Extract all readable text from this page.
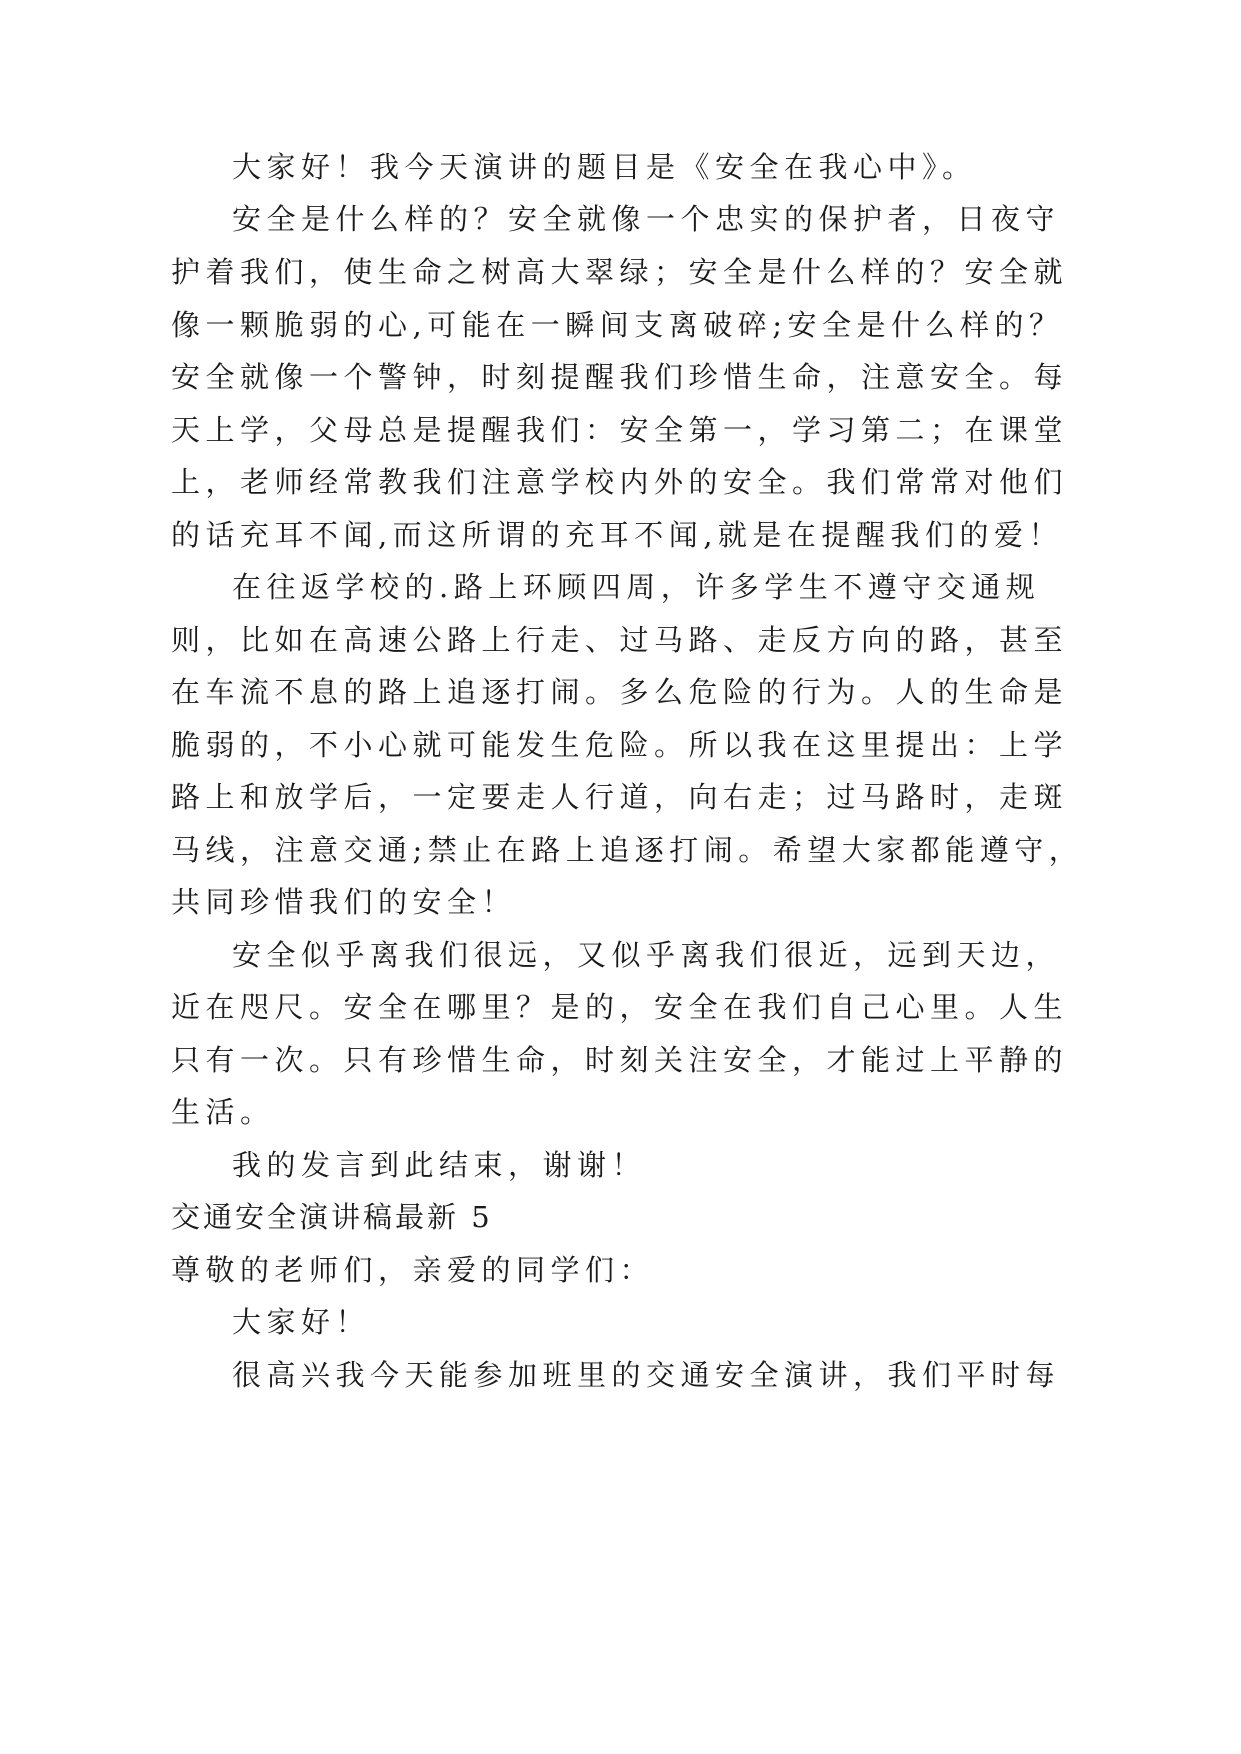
大家好！我今天演讲的题目是《安全在我心中》。
安全是什么样的？安全就像一个忠实的保护者，日夜守
护着我们，使生命之树高大翠绿；安全是什么样的？安全就
像一颗脆弱的心,可能在一瞬间支离破碎;安全是什么样的？
安全就像一个警钟，时刻提醒我们珍惜生命，注意安全。每
天上学，父母总是提醒我们：安全第一，学习第二；在课堂
上，老师经常教我们注意学校内外的安全。我们常常对他们
的话充耳不闻,而这所谓的充耳不闻,就是在提醒我们的爱！
在往返学校的.路上环顾四周，许多学生不遵守交通规
则，比如在高速公路上行走、过马路、走反方向的路，甚至
在车流不息的路上追逐打闹。多么危险的行为。人的生命是
脆弱的，不小心就可能发生危险。所以我在这里提出：上学
路上和放学后，一定要走人行道，向右走；过马路时，走斑
马线，注意交通;禁止在路上追逐打闹。希望大家都能遵守，
共同珍惜我们的安全！
安全似乎离我们很远，又似乎离我们很近，远到天边，
近在咫尺。安全在哪里？是的，安全在我们自己心里。人生
只有一次。只有珍惜生命，时刻关注安全，才能过上平静的
生活。
我的发言到此结束，谢谢！
交通安全演讲稿最新 5
尊敬的老师们，亲爱的同学们：
大家好！
很高兴我今天能参加班里的交通安全演讲，我们平时每
